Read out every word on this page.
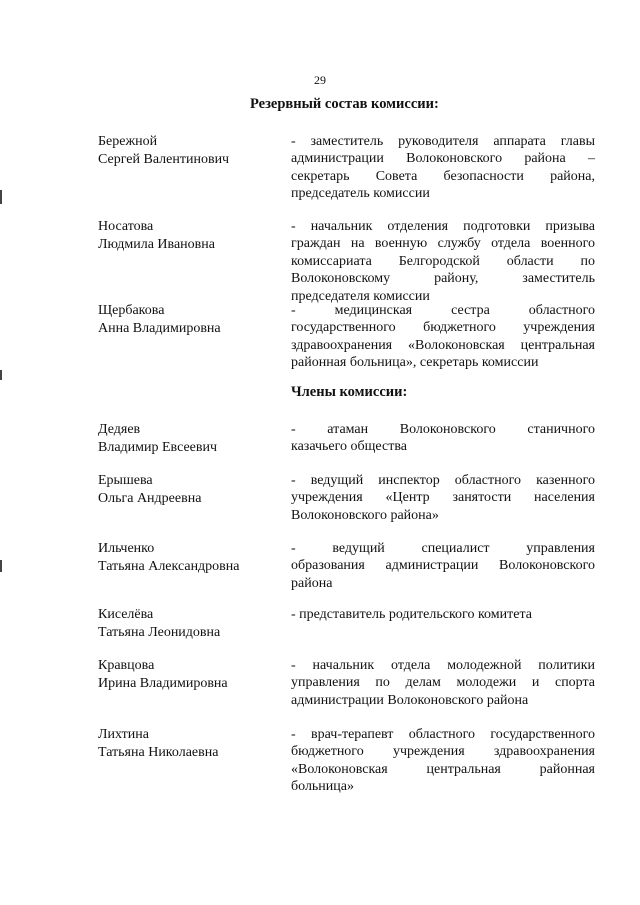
29
Резервный состав комиссии:
Члены комиссии:
Бережной
Сергей Валентинович
- заместитель руководителя аппарата главы
администрации Волоконовского района –
секретарь Совета безопасности района,
председатель комиссии
Носатова
Людмила Ивановна
- начальник отделения подготовки призыва
граждан на военную службу отдела военного
комиссариата Белгородской области по
Волоконовскому району, заместитель
председателя комиссии
Щербакова
Анна Владимировна
- медицинская сестра областного
государственного бюджетного учреждения
здравоохранения «Волоконовская центральная
районная больница», секретарь комиссии
Дедяев
Владимир Евсеевич
- атаман Волоконовского станичного
казачьего общества
Ерышева
Ольга Андреевна
- ведущий инспектор областного казенного
учреждения «Центр занятости населения
Волоконовского района»
Ильченко
Татьяна Александровна
- ведущий специалист управления
образования администрации Волоконовского
района
Киселёва
Татьяна Леонидовна
- представитель родительского комитета
Кравцова
Ирина Владимировна
- начальник отдела молодежной политики
управления по делам молодежи и спорта
администрации Волоконовского района
Лихтина
Татьяна Николаевна
- врач-терапевт областного государственного
бюджетного учреждения здравоохранения
«Волоконовская центральная районная
больница»
